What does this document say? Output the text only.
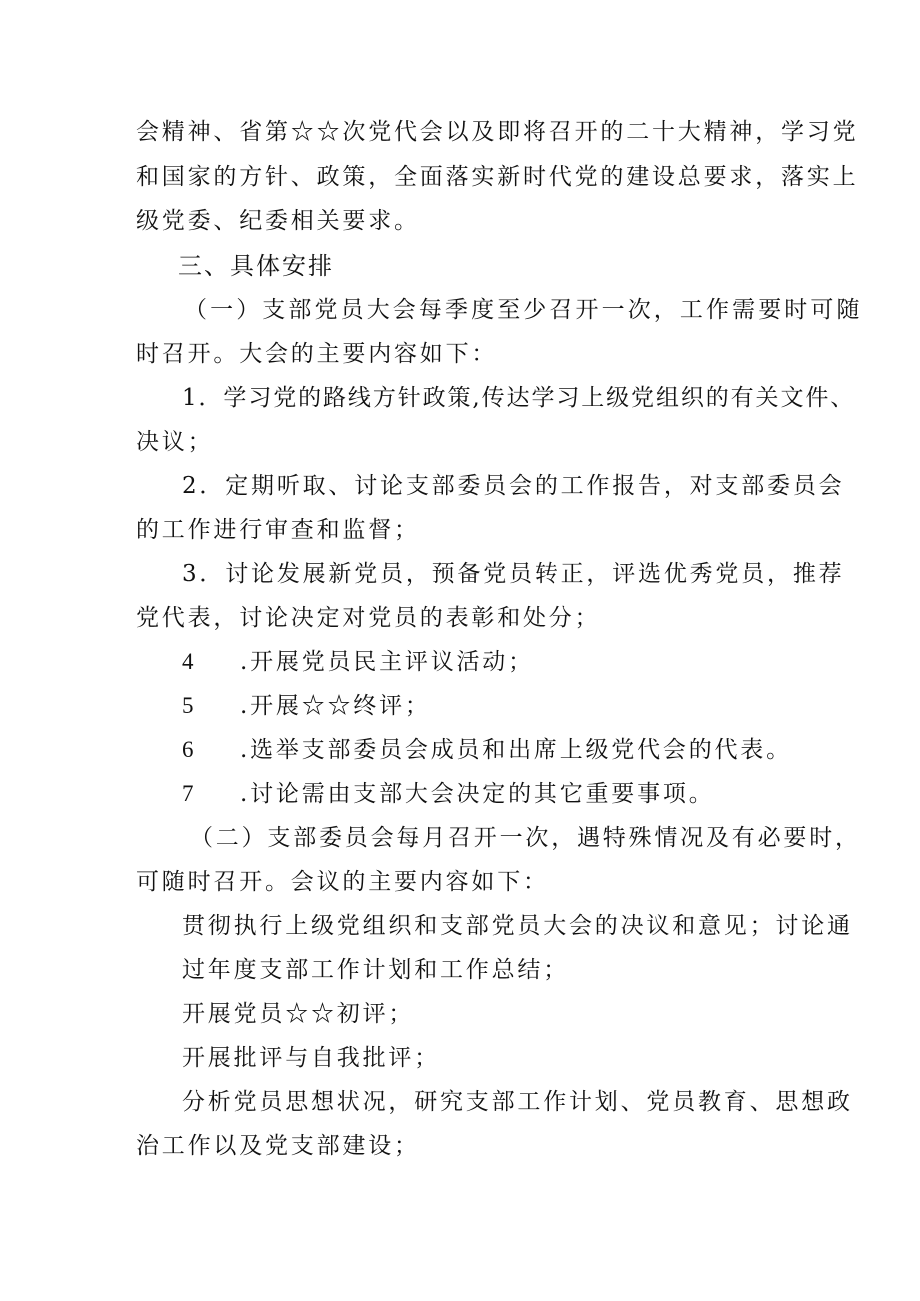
会精神、省第☆☆次党代会以及即将召开的二十大精神，学习党
和国家的方针、政策，全面落实新时代党的建设总要求，落实上
级党委、纪委相关要求。
三、具体安排
（一）支部党员大会每季度至少召开一次，工作需要时可随
时召开。大会的主要内容如下：
1．学习党的路线方针政策,传达学习上级党组织的有关文件、
决议；
2．定期听取、讨论支部委员会的工作报告，对支部委员会
的工作进行审查和监督；
3．讨论发展新党员，预备党员转正，评选优秀党员，推荐
党代表，讨论决定对党员的表彰和处分；
4 .开展党员民主评议活动；
5 .开展☆☆终评；
6 .选举支部委员会成员和出席上级党代会的代表。
7 .讨论需由支部大会决定的其它重要事项。
（二）支部委员会每月召开一次，遇特殊情况及有必要时，
可随时召开。会议的主要内容如下：
贯彻执行上级党组织和支部党员大会的决议和意见；讨论通
过年度支部工作计划和工作总结；
开展党员☆☆初评；
开展批评与自我批评；
分析党员思想状况，研究支部工作计划、党员教育、思想政
治工作以及党支部建设；
